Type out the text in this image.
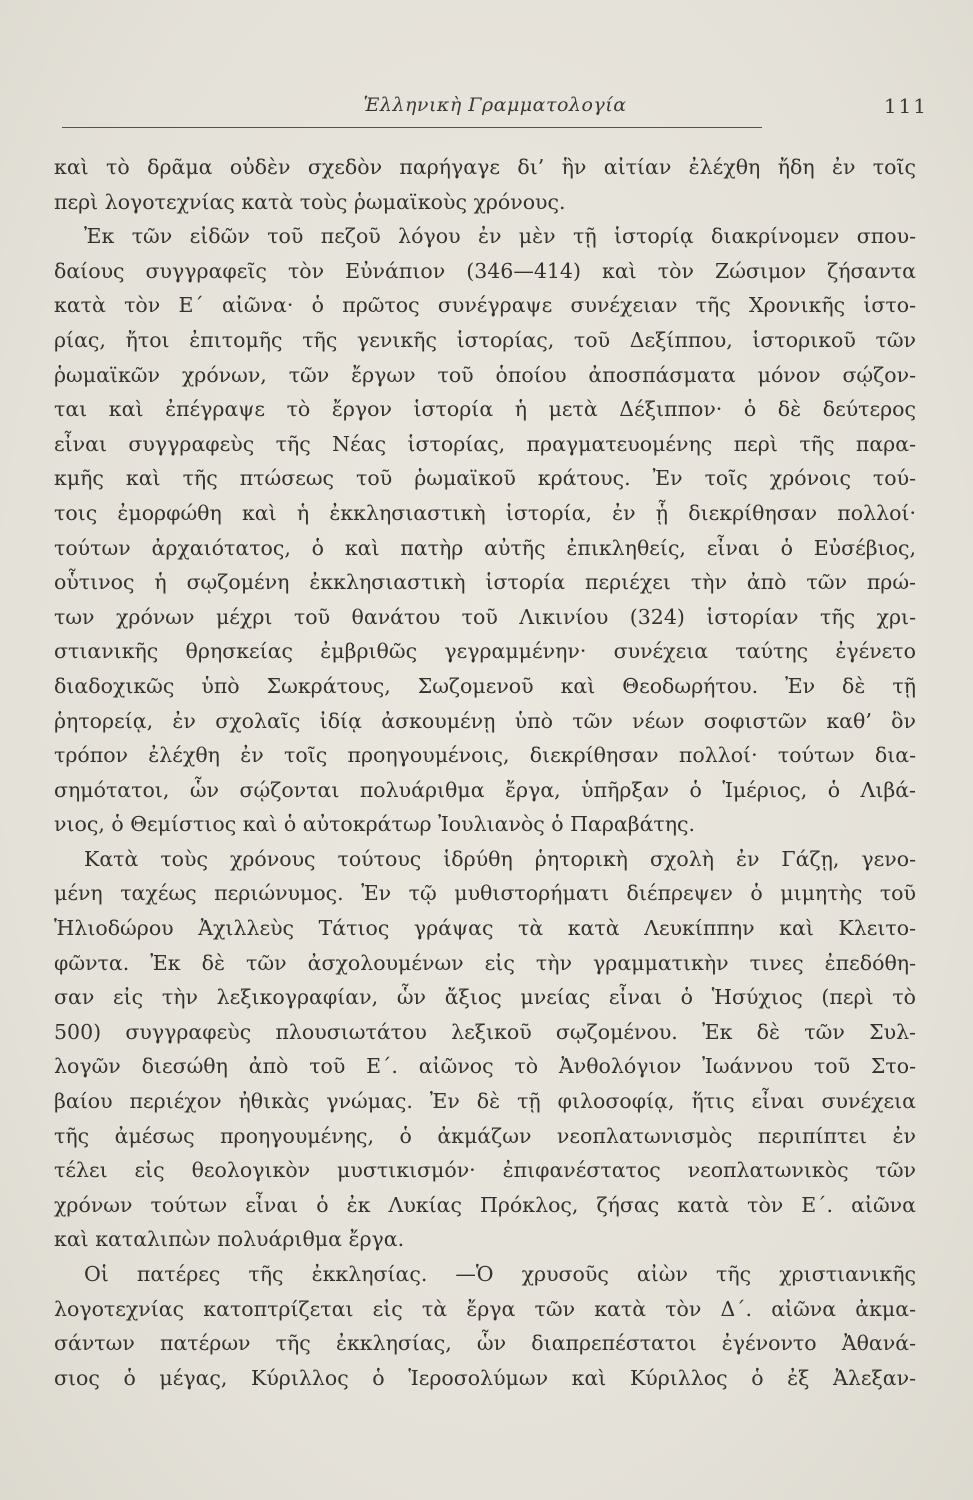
Ἑλληνικὴ Γραμματολογία	111
καὶ τὸ δρᾶμα οὐδὲν σχεδὸν παρήγαγε δι’ ἣν αἰτίαν ἐλέχθη ἤδη ἐν τοῖς
περὶ λογοτεχνίας κατὰ τοὺς ῥωμαϊκοὺς χρόνους.
Ἐκ τῶν εἰδῶν τοῦ πεζοῦ λόγου ἐν μὲν τῇ ἱστορίᾳ διακρίνομεν σπου-
δαίους συγγραφεῖς τὸν Εὐνάπιον (346—414) καὶ τὸν Ζώσιμον ζήσαντα
κατὰ τὸν Ε΄ αἰῶνα· ὁ πρῶτος συνέγραψε συνέχειαν τῆς Χρονικῆς ἱστο-
ρίας, ἤτοι ἐπιτομῆς τῆς γενικῆς ἱστορίας, τοῦ Δεξίππου, ἱστορικοῦ τῶν
ῥωμαϊκῶν χρόνων, τῶν ἔργων τοῦ ὁποίου ἀποσπάσματα μόνον σῴζον-
ται καὶ ἐπέγραψε τὸ ἔργον ἱστορία ἡ μετὰ Δέξιππον· ὁ δὲ δεύτερος
εἶναι συγγραφεὺς τῆς Νέας ἱστορίας, πραγματευομένης περὶ τῆς παρα-
κμῆς καὶ τῆς πτώσεως τοῦ ῥωμαϊκοῦ κράτους. Ἐν τοῖς χρόνοις τού-
τοις ἐμορφώθη καὶ ἡ ἐκκλησιαστικὴ ἱστορία, ἐν ᾗ διεκρίθησαν πολλοί·
τούτων ἀρχαιότατος, ὁ καὶ πατὴρ αὐτῆς ἐπικληθείς, εἶναι ὁ Εὐσέβιος,
οὗτινος ἡ σῳζομένη ἐκκλησιαστικὴ ἱστορία περιέχει τὴν ἀπὸ τῶν πρώ-
των χρόνων μέχρι τοῦ θανάτου τοῦ Λικινίου (324) ἱστορίαν τῆς χρι-
στιανικῆς θρησκείας ἐμβριθῶς γεγραμμένην· συνέχεια ταύτης ἐγένετο
διαδοχικῶς ὑπὸ Σωκράτους, Σωζομενοῦ καὶ Θεοδωρήτου. Ἐν δὲ τῇ
ῥητορείᾳ, ἐν σχολαῖς ἰδίᾳ ἀσκουμένῃ ὑπὸ τῶν νέων σοφιστῶν καθ’ ὃν
τρόπον ἐλέχθη ἐν τοῖς προηγουμένοις, διεκρίθησαν πολλοί· τούτων δια-
σημότατοι, ὧν σῴζονται πολυάριθμα ἔργα, ὑπῆρξαν ὁ Ἱμέριος, ὁ Λιβά-
νιος, ὁ Θεμίστιος καὶ ὁ αὐτοκράτωρ Ἰουλιανὸς ὁ Παραβάτης.
Κατὰ τοὺς χρόνους τούτους ἱδρύθη ῥητορικὴ σχολὴ ἐν Γάζῃ, γενο-
μένη ταχέως περιώνυμος. Ἐν τῷ μυθιστορήματι διέπρεψεν ὁ μιμητὴς τοῦ
Ἡλιοδώρου Ἀχιλλεὺς Τάτιος γράψας τὰ κατὰ Λευκίππην καὶ Κλειτο-
φῶντα. Ἐκ δὲ τῶν ἀσχολουμένων εἰς τὴν γραμματικὴν τινες ἐπεδόθη-
σαν εἰς τὴν λεξικογραφίαν, ὧν ἄξιος μνείας εἶναι ὁ Ἡσύχιος (περὶ τὸ
500) συγγραφεὺς πλουσιωτάτου λεξικοῦ σῳζομένου. Ἐκ δὲ τῶν Συλ-
λογῶν διεσώθη ἀπὸ τοῦ Ε΄. αἰῶνος τὸ Ἀνθολόγιον Ἰωάννου τοῦ Στο-
βαίου περιέχον ἠθικὰς γνώμας. Ἐν δὲ τῇ φιλοσοφίᾳ, ἥτις εἶναι συνέχεια
τῆς ἀμέσως προηγουμένης, ὁ ἀκμάζων νεοπλατωνισμὸς περιπίπτει ἐν
τέλει εἰς θεολογικὸν μυστικισμόν· ἐπιφανέστατος νεοπλατωνικὸς τῶν
χρόνων τούτων εἶναι ὁ ἐκ Λυκίας Πρόκλος, ζήσας κατὰ τὸν Ε΄. αἰῶνα
καὶ καταλιπὼν πολυάριθμα ἔργα.
Οἱ πατέρες τῆς ἐκκλησίας. —Ὁ χρυσοῦς αἰὼν τῆς χριστιανικῆς
λογοτεχνίας κατοπτρίζεται εἰς τὰ ἔργα τῶν κατὰ τὸν Δ΄. αἰῶνα ἀκμα-
σάντων πατέρων τῆς ἐκκλησίας, ὧν διαπρεπέστατοι ἐγένοντο Ἀθανά-
σιος ὁ μέγας, Κύριλλος ὁ Ἱεροσολύμων καὶ Κύριλλος ὁ ἐξ Ἀλεξαν-
